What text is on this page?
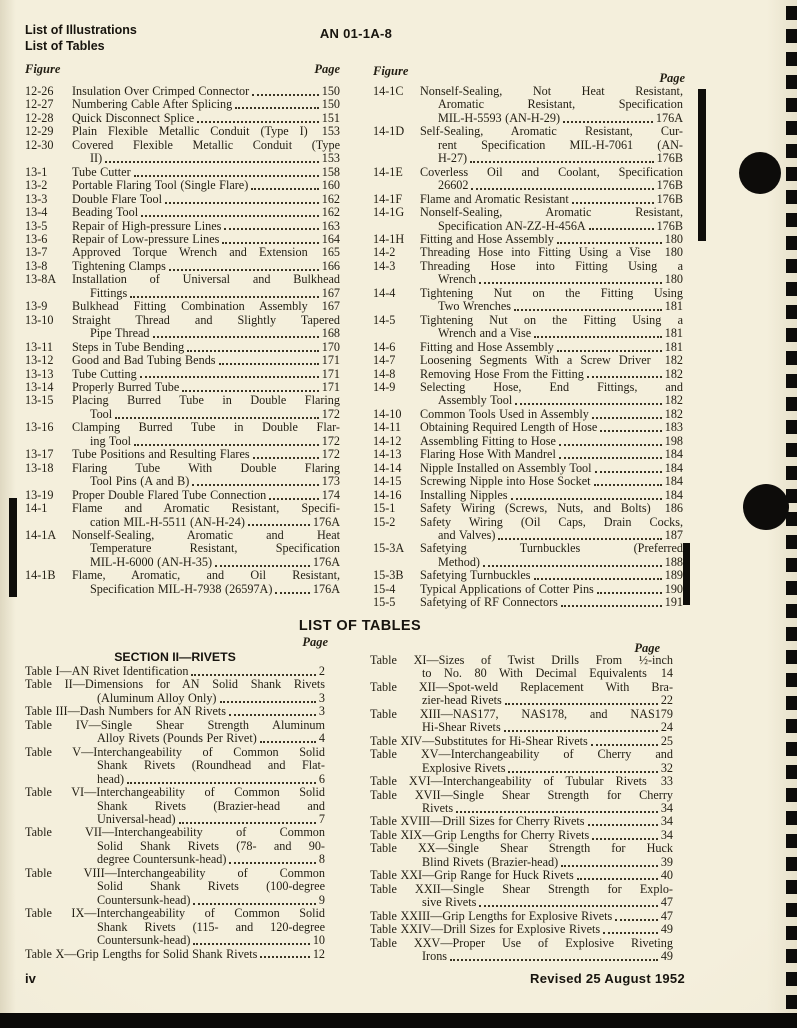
List of Illustrations
List of Tables
AN 01-1A-8
Figure	Page	Figure	Page
12-26	Insulation Over Crimped Connector	150
12-27	Numbering Cable After Splicing	150
12-28	Quick Disconnect Splice	151
12-29	Plain Flexible Metallic Conduit (Type I) 153
12-30	Covered Flexible Metallic Conduit (Type
II)	153
13-1	Tube Cutter	158
13-2	Portable Flaring Tool (Single Flare)	160
13-3	Double Flare Tool	162
13-4	Beading Tool	162
13-5	Repair of High-pressure Lines	163
13-6	Repair of Low-pressure Lines	164
13-7	Approved Torque Wrench and Extension 165
13-8	Tightening Clamps	166
13-8A	Installation of Universal and Bulkhead
Fittings	167
13-9	Bulkhead Fitting Combination Assembly 167
13-10	Straight Thread and Slightly Tapered
Pipe Thread	168
13-11	Steps in Tube Bending	170
13-12	Good and Bad Tubing Bends	171
13-13	Tube Cutting	171
13-14	Properly Burred Tube	171
13-15	Placing Burred Tube in Double Flaring
Tool	172
13-16	Clamping Burred Tube in Double Flar-
ing Tool	172
13-17	Tube Positions and Resulting Flares	172
13-18	Flaring Tube With Double Flaring
Tool Pins (A and B)	173
13-19	Proper Double Flared Tube Connection	174
14-1	Flame and Aromatic Resistant, Specifi-
cation MIL-H-5511 (AN-H-24)	176A
14-1A	Nonself-Sealing, Aromatic and Heat
Temperature Resistant, Specification
MIL-H-6000 (AN-H-35)	176A
14-1B	Flame, Aromatic, and Oil Resistant,
Specification MIL-H-7938 (26597A)	176A
14-1C	Nonself-Sealing, Not Heat Resistant,
Aromatic Resistant, Specification
MIL-H-5593 (AN-H-29)	176A
14-1D	Self-Sealing, Aromatic Resistant, Cur-
rent Specification MIL-H-7061 (AN-
H-27)	176B
14-1E	Coverless Oil and Coolant, Specification
26602	176B
14-1F	Flame and Aromatic Resistant	176B
14-1G	Nonself-Sealing, Aromatic Resistant,
Specification AN-ZZ-H-456A	176B
14-1H	Fitting and Hose Assembly	180
14-2	Threading Hose into Fitting Using a Vise 180
14-3	Threading Hose into Fitting Using a
Wrench	180
14-4	Tightening Nut on the Fitting Using
Two Wrenches	181
14-5	Tightening Nut on the Fitting Using a
Wrench and a Vise	181
14-6	Fitting and Hose Assembly	181
14-7	Loosening Segments With a Screw Driver 182
14-8	Removing Hose From the Fitting	182
14-9	Selecting Hose, End Fittings, and
Assembly Tool	182
14-10	Common Tools Used in Assembly	182
14-11	Obtaining Required Length of Hose	183
14-12	Assembling Fitting to Hose	198
14-13	Flaring Hose With Mandrel	184
14-14	Nipple Installed on Assembly Tool	184
14-15	Screwing Nipple into Hose Socket	184
14-16	Installing Nipples	184
15-1	Safety Wiring (Screws, Nuts, and Bolts) 186
15-2	Safety Wiring (Oil Caps, Drain Cocks,
and Valves)	187
15-3A	Safetying Turnbuckles (Preferred
Method)	188
15-3B	Safetying Turnbuckles	189
15-4	Typical Applications of Cotter Pins	190
15-5	Safetying of RF Connectors	191
LIST OF TABLES
Page	Page
SECTION II—RIVETS
Table I—AN Rivet Identification	2
Table II—Dimensions for AN Solid Shank Rivets
(Aluminum Alloy Only)	3
Table III—Dash Numbers for AN Rivets	3
Table IV—Single Shear Strength Aluminum
Alloy Rivets (Pounds Per Rivet)	4
Table V—Interchangeability of Common Solid
Shank Rivets (Roundhead and Flat-
head)	6
Table VI—Interchangeability of Common Solid
Shank Rivets (Brazier-head and
Universal-head)	7
Table VII—Interchangeability of Common
Solid Shank Rivets (78- and 90-
degree Countersunk-head)	8
Table VIII—Interchangeability of Common
Solid Shank Rivets (100-degree
Countersunk-head)	9
Table IX—Interchangeability of Common Solid
Shank Rivets (115- and 120-degree
Countersunk-head)	10
Table X—Grip Lengths for Solid Shank Rivets	12
Table XI—Sizes of Twist Drills From ½-inch
to No. 80 With Decimal Equivalents 14
Table XII—Spot-weld Replacement With Bra-
zier-head Rivets	22
Table XIII—NAS177, NAS178, and NAS179
Hi-Shear Rivets	24
Table XIV—Substitutes for Hi-Shear Rivets	25
Table XV—Interchangeability of Cherry and
Explosive Rivets	32
Table XVI—Interchangeability of Tubular Rivets 33
Table XVII—Single Shear Strength for Cherry
Rivets	34
Table XVIII—Drill Sizes for Cherry Rivets	34
Table XIX—Grip Lengths for Cherry Rivets	34
Table XX—Single Shear Strength for Huck
Blind Rivets (Brazier-head)	39
Table XXI—Grip Range for Huck Rivets	40
Table XXII—Single Shear Strength for Explo-
sive Rivets	47
Table XXIII—Grip Lengths for Explosive Rivets	47
Table XXIV—Drill Sizes for Explosive Rivets	49
Table XXV—Proper Use of Explosive Riveting
Irons	49
iv	Revised 25 August 1952
